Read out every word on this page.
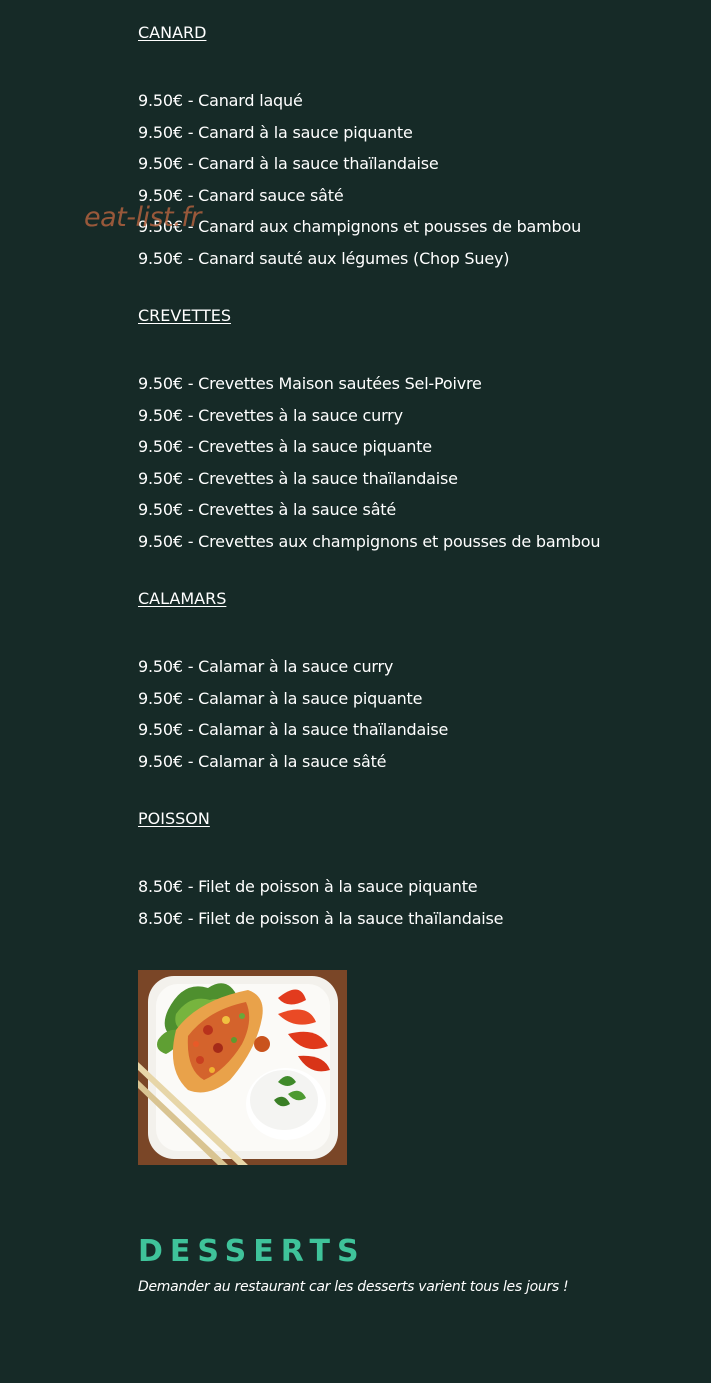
CANARD
9.50€ - Canard laqué
9.50€ - Canard à la sauce piquante
9.50€ - Canard à la sauce thaïlandaise
9.50€ - Canard sauce sâté
9.50€ - Canard aux champignons et pousses de bambou
9.50€ - Canard sauté aux légumes (Chop Suey)
CREVETTES
9.50€ - Crevettes Maison sautées Sel-Poivre
9.50€ - Crevettes à la sauce curry
9.50€ - Crevettes à la sauce piquante
9.50€ - Crevettes à la sauce thaïlandaise
9.50€ - Crevettes à la sauce sâté
9.50€ - Crevettes aux champignons et pousses de bambou
CALAMARS
9.50€ - Calamar à la sauce curry
9.50€ - Calamar à la sauce piquante
9.50€ - Calamar à la sauce thaïlandaise
9.50€ - Calamar à la sauce sâté
POISSON
8.50€ - Filet de poisson à la sauce piquante
8.50€ - Filet de poisson à la sauce thaïlandaise
eat-list.fr
DESSERTS

Demander au restaurant car les desserts varient tous les jours !
